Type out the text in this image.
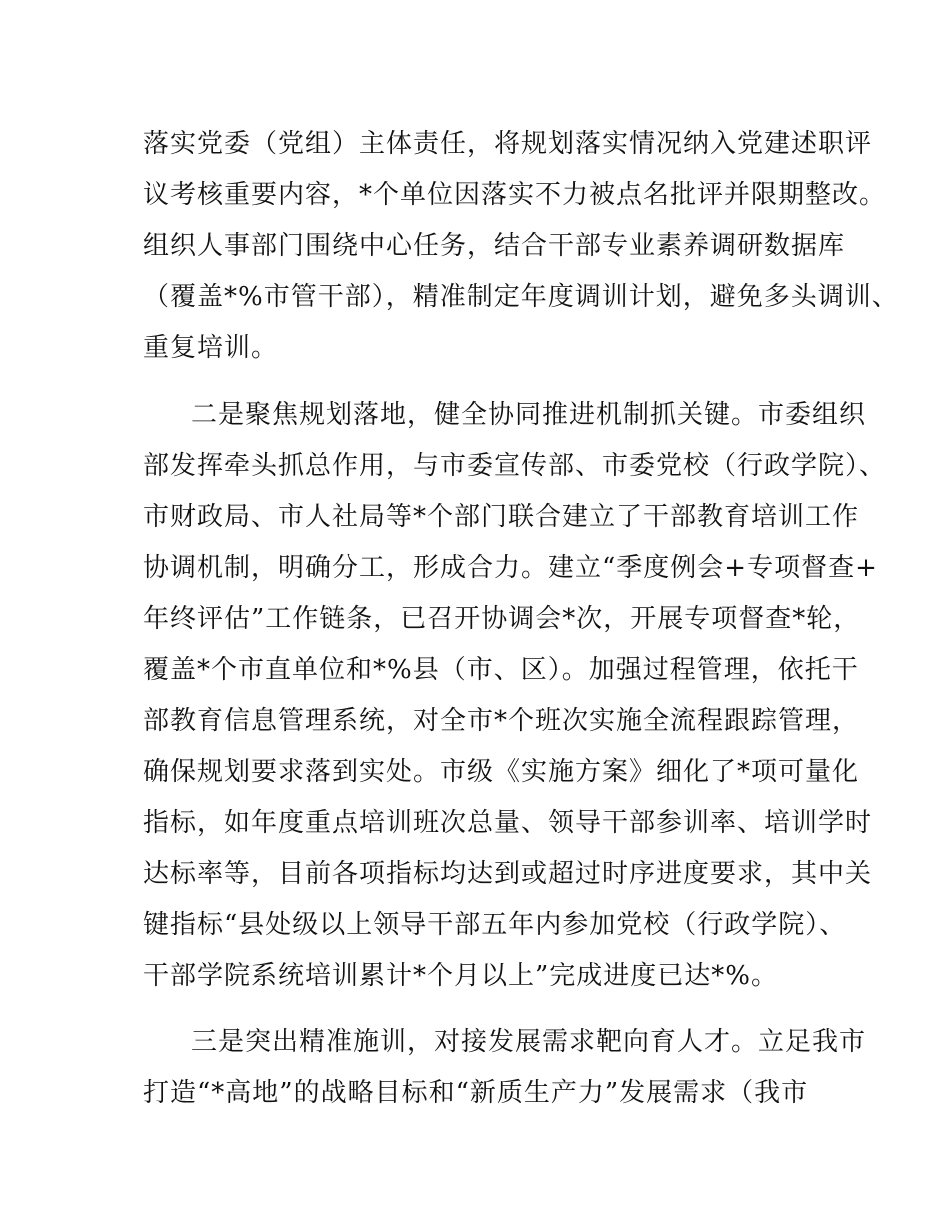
落实党委（党组）主体责任，将规划落实情况纳入党建述职评
议考核重要内容，*个单位因落实不力被点名批评并限期整改。
组织人事部门围绕中心任务，结合干部专业素养调研数据库
（覆盖*%市管干部），精准制定年度调训计划，避免多头调训、
重复培训。
二是聚焦规划落地，健全协同推进机制抓关键。市委组织
部发挥牵头抓总作用，与市委宣传部、市委党校（行政学院）、
市财政局、市人社局等*个部门联合建立了干部教育培训工作
协调机制，明确分工，形成合力。建立“季度例会+专项督查+
年终评估”工作链条，已召开协调会*次，开展专项督查*轮，
覆盖*个市直单位和*%县（市、区）。加强过程管理，依托干
部教育信息管理系统，对全市*个班次实施全流程跟踪管理，
确保规划要求落到实处。市级《实施方案》细化了*项可量化
指标，如年度重点培训班次总量、领导干部参训率、培训学时
达标率等，目前各项指标均达到或超过时序进度要求，其中关
键指标“县处级以上领导干部五年内参加党校（行政学院）、
干部学院系统培训累计*个月以上”完成进度已达*%。
三是突出精准施训，对接发展需求靶向育人才。立足我市
打造“*高地”的战略目标和“新质生产力”发展需求（我市
